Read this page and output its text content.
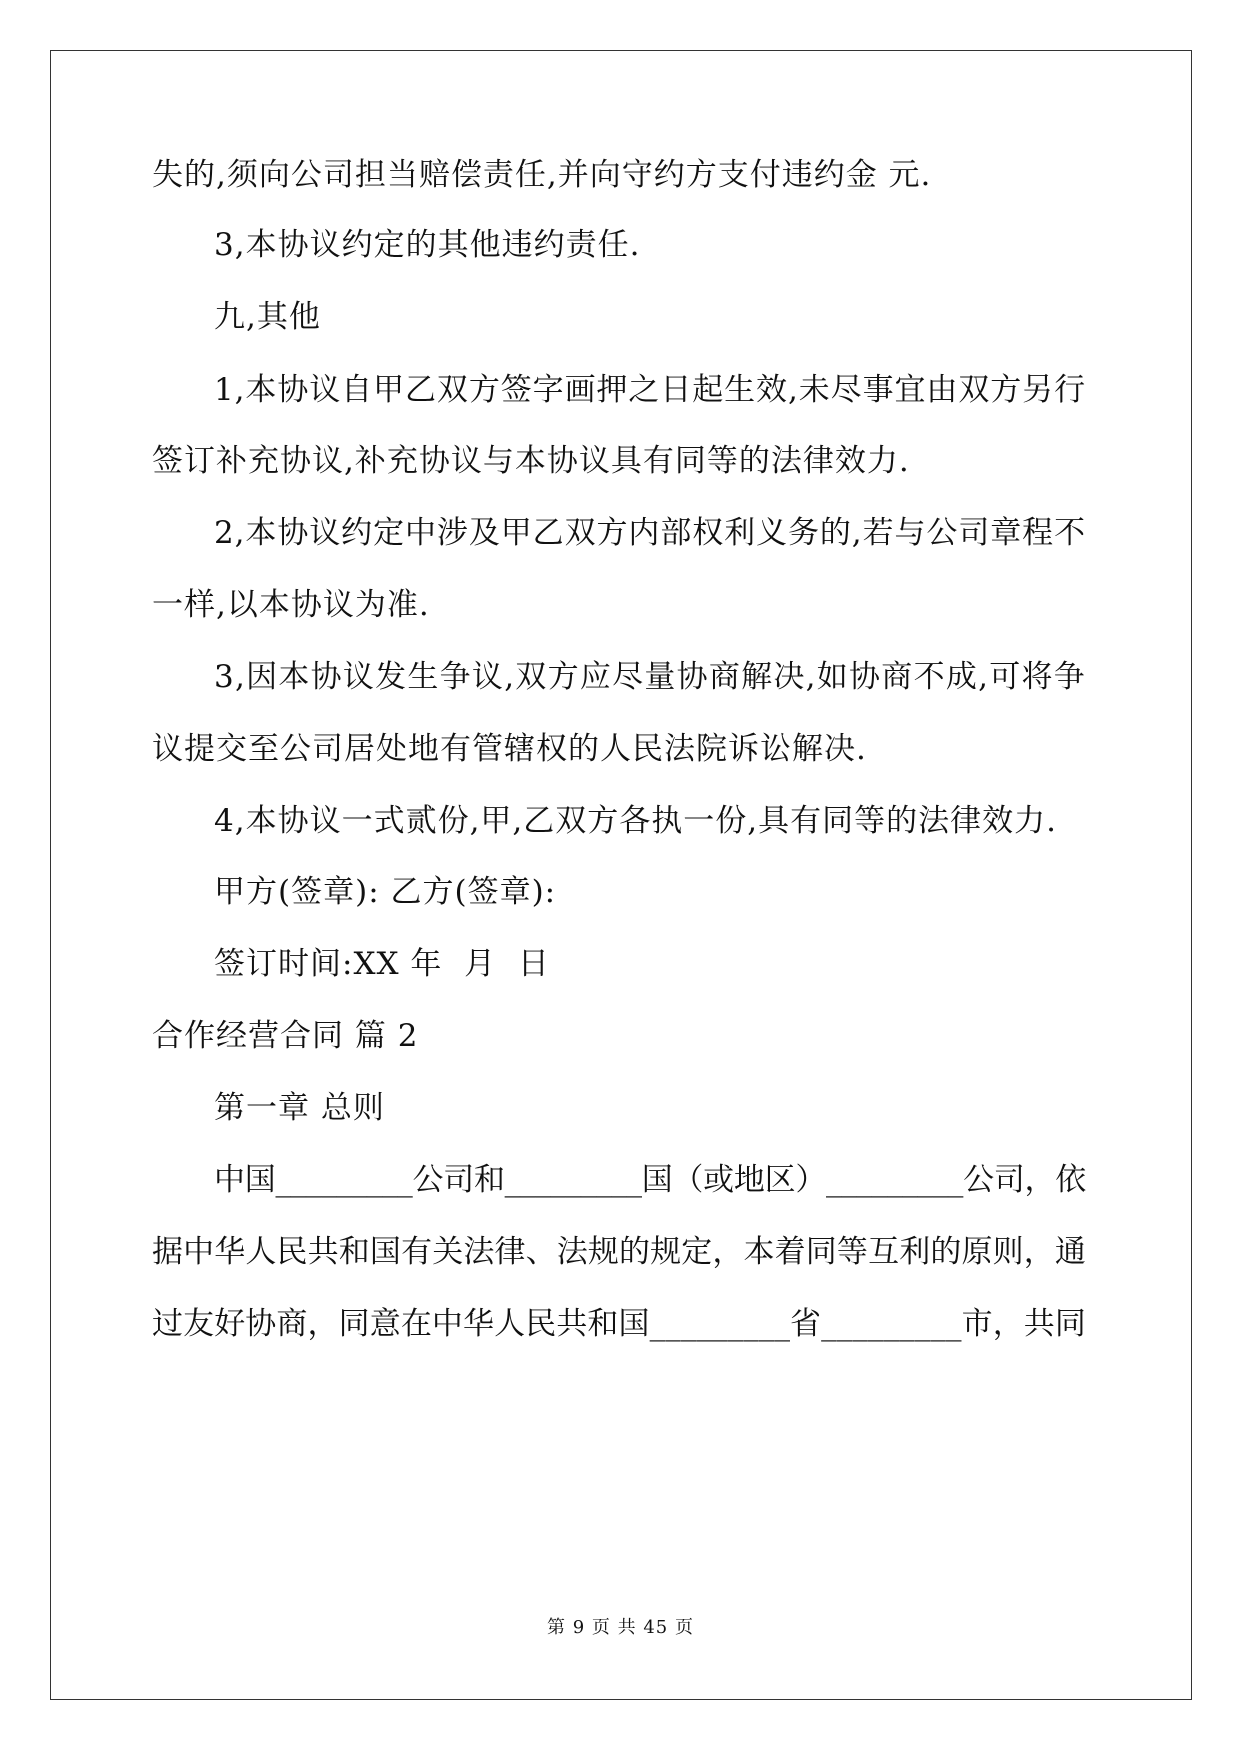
失的,须向公司担当赔偿责任,并向守约方支付违约金 元.
3,本协议约定的其他违约责任.
九,其他
1,本协议自甲乙双方签字画押之日起生效,未尽事宜由双方另行
签订补充协议,补充协议与本协议具有同等的法律效力.
2,本协议约定中涉及甲乙双方内部权利义务的,若与公司章程不
一样,以本协议为准.
3,因本协议发生争议,双方应尽量协商解决,如协商不成,可将争
议提交至公司居处地有管辖权的人民法院诉讼解决.
4,本协议一式贰份,甲,乙双方各执一份,具有同等的法律效力.
甲方(签章): 乙方(签章):
签订时间:XX 年  月  日
合作经营合同 篇 2
第一章 总则
中国_________公司和_________国（或地区）_________公司，依
据中华人民共和国有关法律、法规的规定，本着同等互利的原则，通
过友好协商，同意在中华人民共和国_________省_________市，共同
第 9 页 共 45 页
